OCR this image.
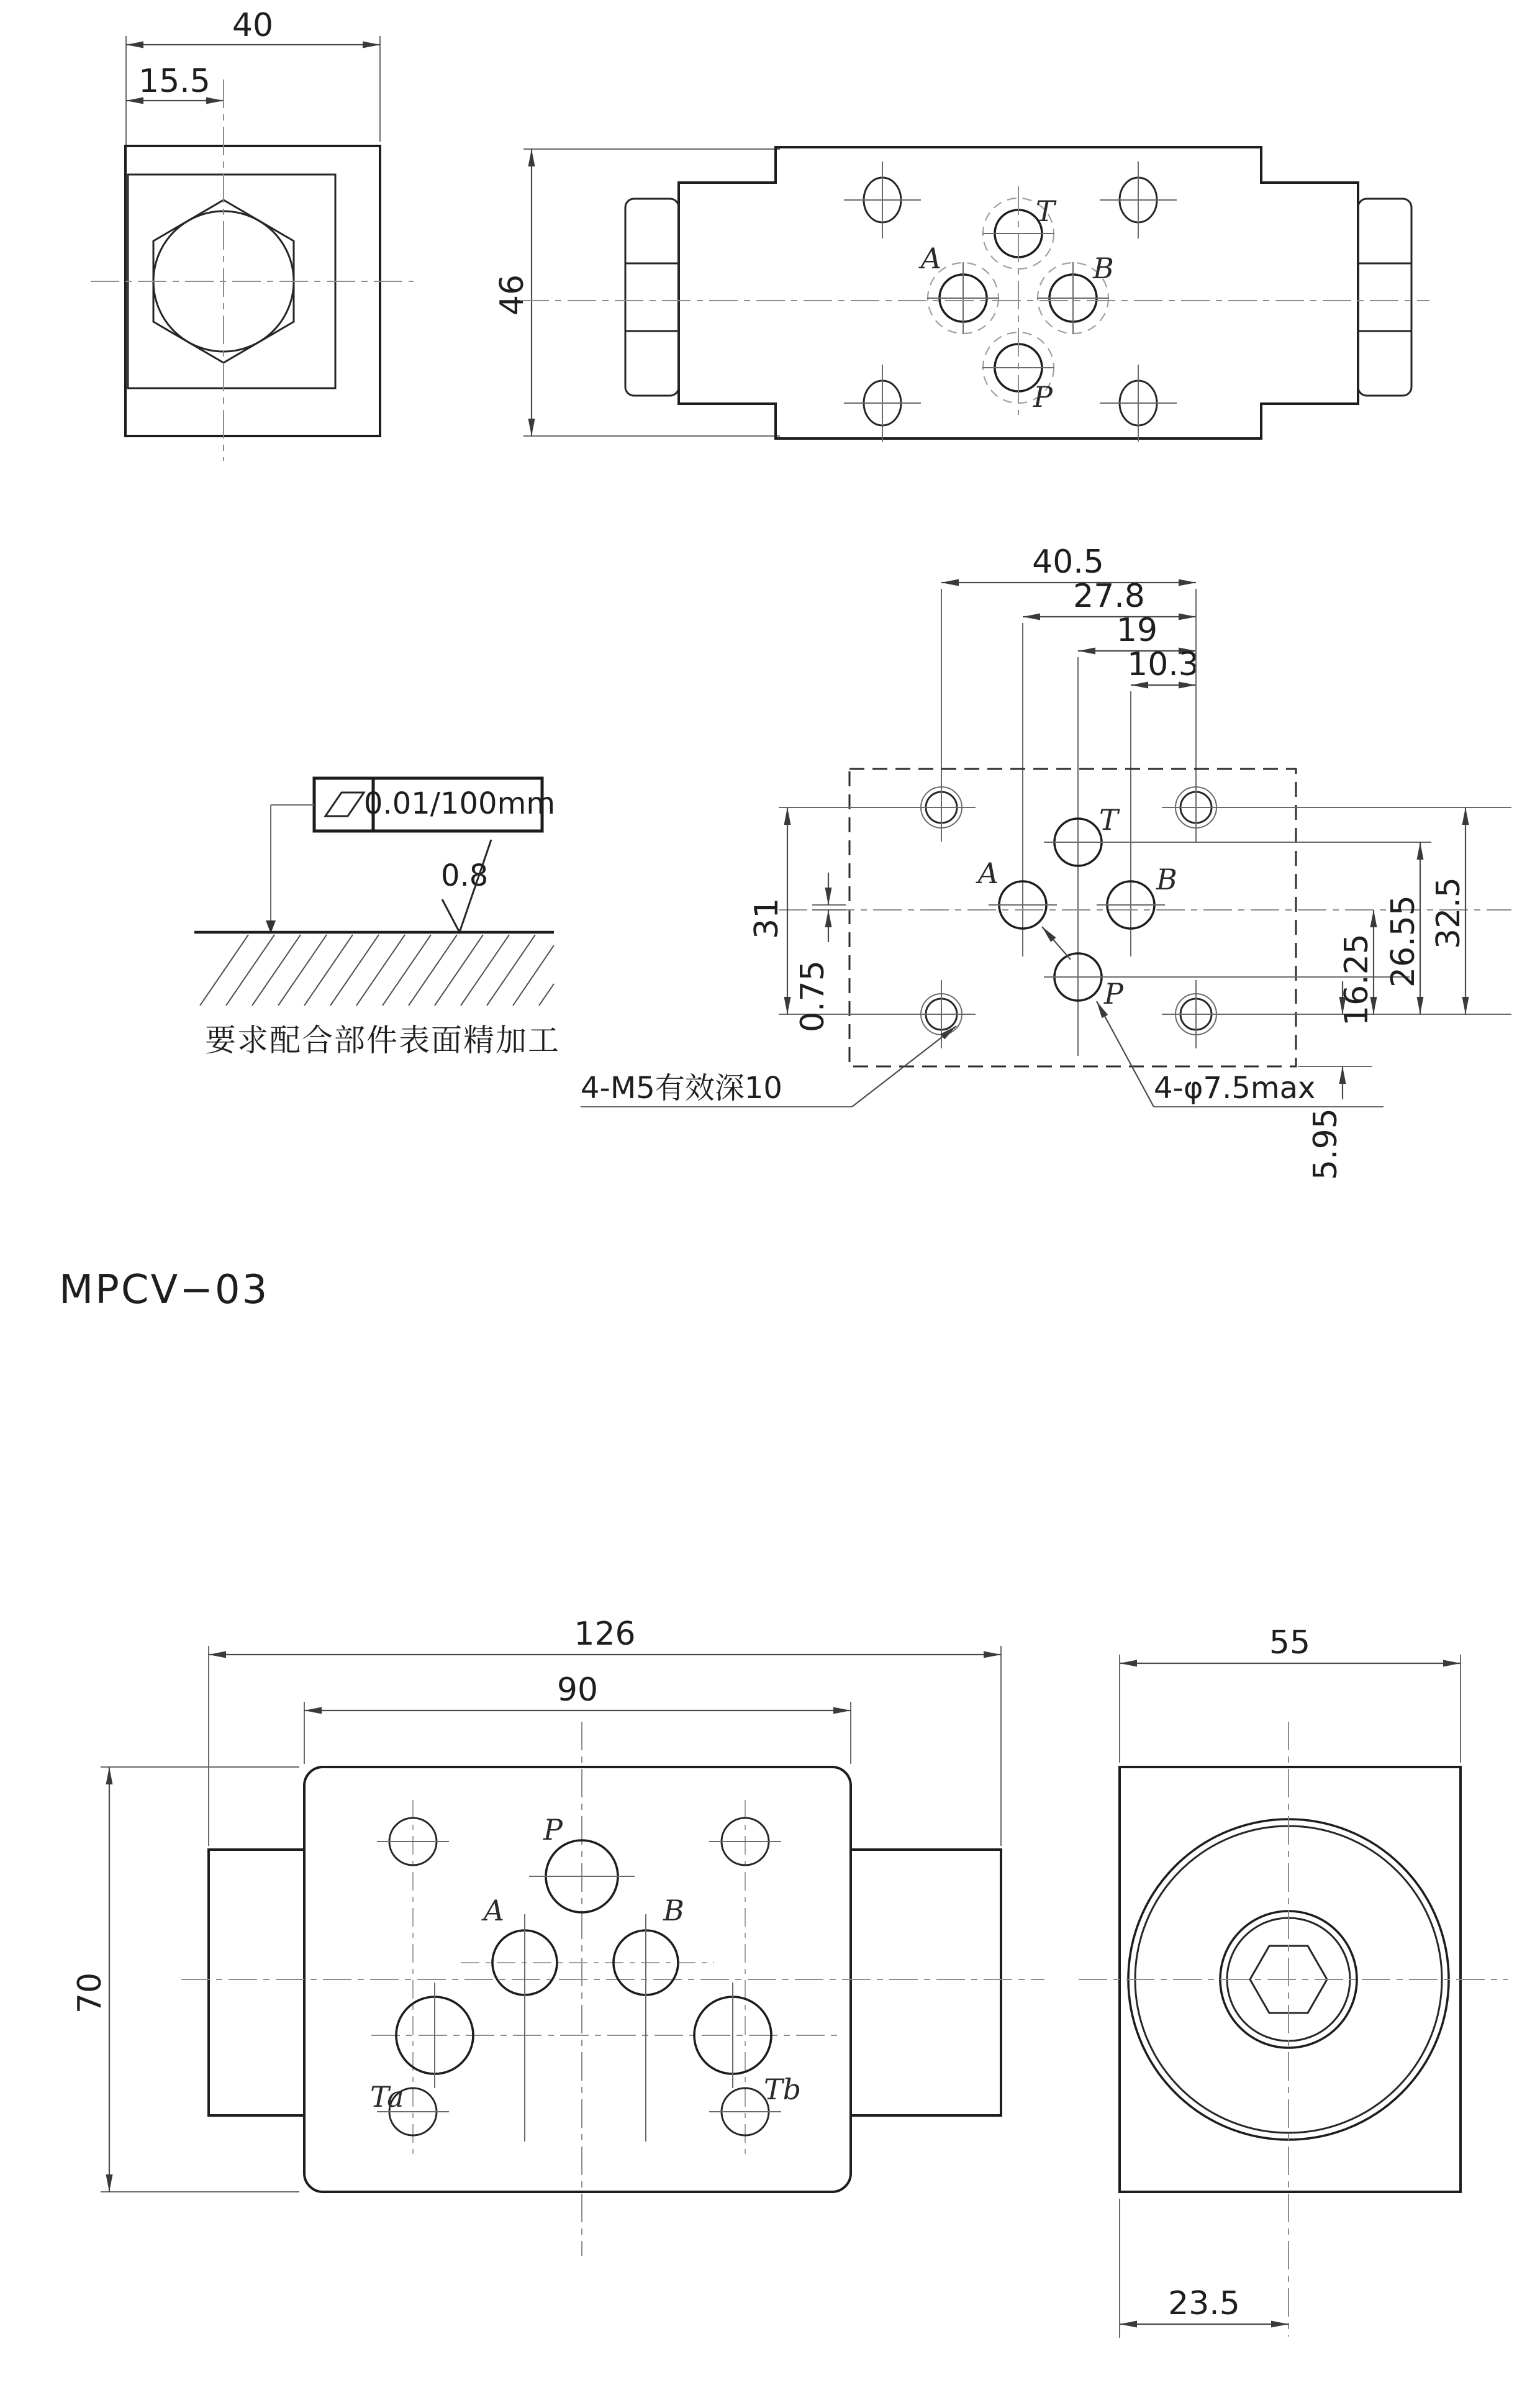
40
15.5
46
T
A	B
P
40.5
27.8
19
10.3
T
A	B
P
31
0.75	16.25 26.55 32.5
5.95
4-M5有效深10	4-φ7.5max
0.01/100mm
0.8
要求配合部件表面精加工
MPCV−03
126
90
70
P
A	B
Ta	Tb
55
23.5
